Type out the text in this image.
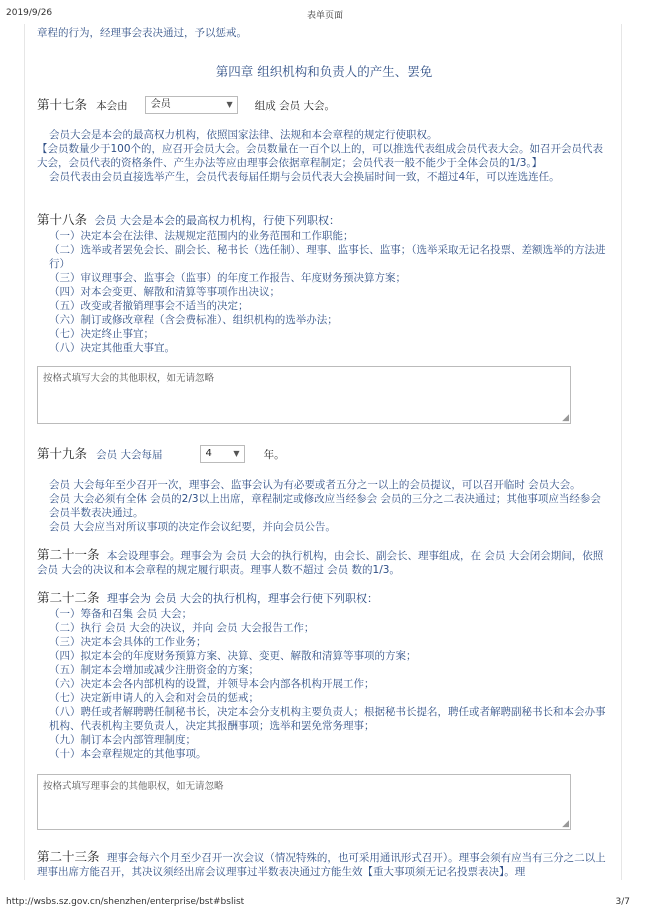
2019/9/26	表单页面

章程的行为，经理事会表决通过，予以惩戒。

第四章 组织机构和负责人的产生、罢免

第十七条 本会由 会员	▼ 组成 会员 大会。

会员大会是本会的最高权力机构，依照国家法律、法规和本会章程的规定行使职权。

【会员数量少于100个的，应召开会员大会。会员数量在一百个以上的，可以推选代表组成会员代表大会。如召开会员代表大会，会员代表的资格条件、产生办法等应由理事会依据章程制定；会员代表一般不能少于全体会员的1/3。】

会员代表由会员直接选举产生，会员代表每届任期与会员代表大会换届时间一致，不超过4年，可以连选连任。

第十八条 会员 大会是本会的最高权力机构，行使下列职权：

（一）决定本会在法律、法规规定范围内的业务范围和工作职能；

（二）选举或者罢免会长、副会长、秘书长（选任制）、理事、监事长、监事；（选举采取无记名投票、差额选举的方法进行）

（三）审议理事会、监事会（监事）的年度工作报告、年度财务预决算方案；

（四）对本会变更、解散和清算等事项作出决议；

（五）改变或者撤销理事会不适当的决定；

（六）制订或修改章程（含会费标准）、组织机构的选举办法；

（七）决定终止事宜；

（八）决定其他重大事宜。

按格式填写大会的其他职权，如无请忽略
◢
第十九条 会员 大会每届	4	▼ 年。

会员 大会每年至少召开一次，理事会、监事会认为有必要或者五分之一以上的会员提议，可以召开临时 会员大会。

会员 大会必须有全体 会员的2/3以上出席，章程制定或修改应当经参会 会员的三分之二表决通过；其他事项应当经参会 会员半数表决通过。

会员 大会应当对所议事项的决定作会议纪要，并向会员公告。

第二十一条 本会设理事会。理事会为 会员 大会的执行机构，由会长、副会长、理事组成，在 会员 大会闭会期间，依照 会员 大会的决议和本会章程的规定履行职责。理事人数不超过 会员 数的1/3。

第二十二条 理事会为 会员 大会的执行机构，理事会行使下列职权：

（一）筹备和召集 会员 大会；

（二）执行 会员 大会的决议，并向 会员 大会报告工作；

（三）决定本会具体的工作业务；

（四）拟定本会的年度财务预算方案、决算、变更、解散和清算等事项的方案；

（五）制定本会增加或减少注册资金的方案；

（六）决定本会各内部机构的设置，并领导本会内部各机构开展工作；

（七）决定新申请人的入会和对会员的惩戒；

（八）聘任或者解聘聘任制秘书长，决定本会分支机构主要负责人；根据秘书长提名，聘任或者解聘副秘书长和本会办事机构、代表机构主要负责人，决定其报酬事项；选举和罢免常务理事；

（九）制订本会内部管理制度；

（十）本会章程规定的其他事项。

按格式填写理事会的其他职权，如无请忽略
◢

第二十三条 理事会每六个月至少召开一次会议（情况特殊的，也可采用通讯形式召开）。理事会须有应当有三分之二以上理事出席方能召开，其决议须经出席会议理事过半数表决通过方能生效【重大事项须无记名投票表决】。理

http://wsbs.sz.gov.cn/shenzhen/enterprise/bst#bslist	3/7
